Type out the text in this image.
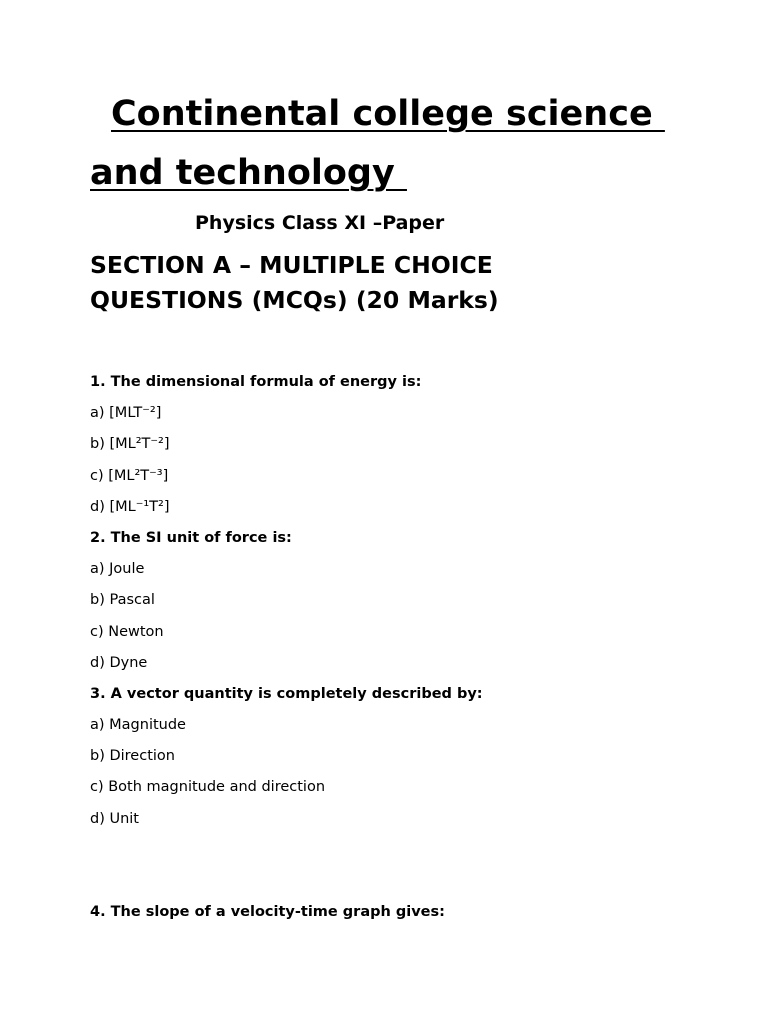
Continental college science
and technology
Physics Class XI –Paper
SECTION A – MULTIPLE CHOICE QUESTIONS (MCQs) (20 Marks)
1. The dimensional formula of energy is:
a) [MLT⁻²]
b) [ML²T⁻²]
c) [ML²T⁻³]
d) [ML⁻¹T²]
2. The SI unit of force is:
a) Joule
b) Pascal
c) Newton
d) Dyne
3. A vector quantity is completely described by:
a) Magnitude
b) Direction
c) Both magnitude and direction
d) Unit
4. The slope of a velocity-time graph gives:
